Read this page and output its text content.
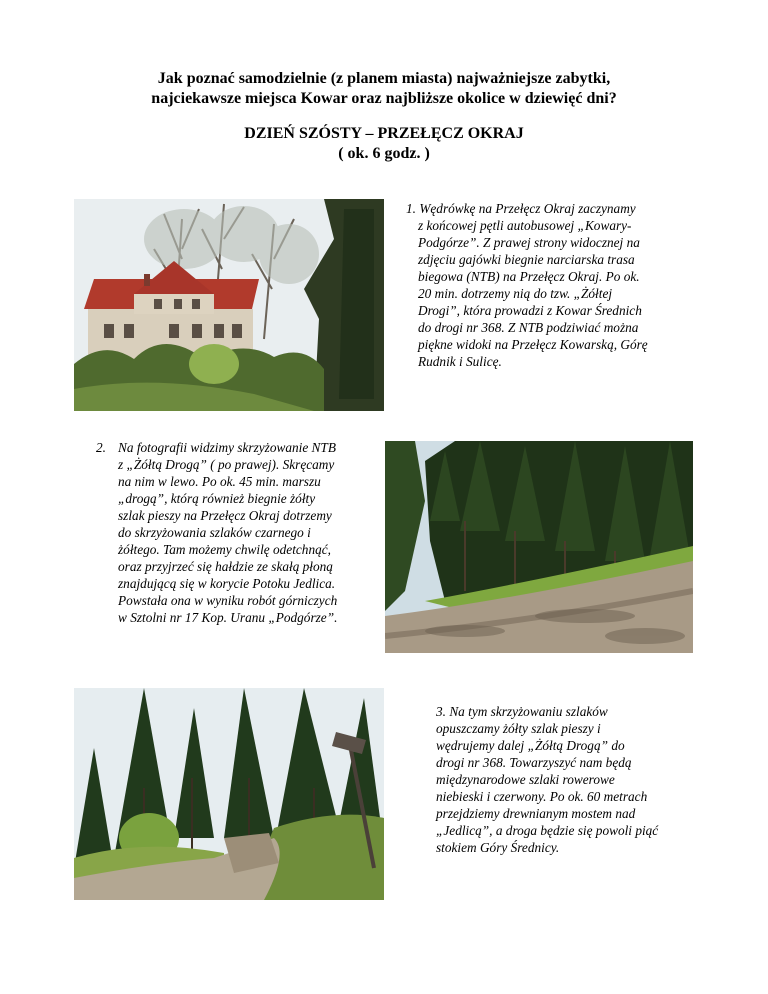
Jak poznać samodzielnie (z planem miasta) najważniejsze zabytki,
najciekawsze miejsca Kowar oraz najbliższe okolice w dziewięć dni?
DZIEŃ SZÓSTY – PRZEŁĘCZ OKRAJ
( ok. 6 godz. )
1. Wędrówkę na Przełęcz Okraj zaczynamy
z końcowej pętli autobusowej „Kowary-
Podgórze”. Z prawej strony widocznej na
zdjęciu gajówki biegnie narciarska trasa
biegowa (NTB) na Przełęcz Okraj. Po ok.
20 min. dotrzemy nią do tzw. „Żółtej
Drogi”, która prowadzi z Kowar Średnich
do drogi nr 368. Z NTB podziwiać można
piękne widoki na Przełęcz Kowarską, Górę
Rudnik i Sulicę.
2. Na fotografii widzimy skrzyżowanie NTB
z „Żółtą Drogą” ( po prawej). Skręcamy
na nim w lewo. Po ok. 45 min. marszu
„drogą”, którą również biegnie żółty
szlak pieszy na Przełęcz Okraj dotrzemy
do skrzyżowania szlaków czarnego i
żółtego. Tam możemy chwilę odetchnąć,
oraz przyjrzeć się hałdzie ze skałą płoną
znajdującą się w korycie Potoku Jedlica.
Powstała ona w wyniku robót górniczych
w Sztolni nr 17 Kop. Uranu „Podgórze”.
3. Na tym skrzyżowaniu szlaków
opuszczamy żółty szlak pieszy i
wędrujemy dalej „Żółtą Drogą” do
drogi nr 368. Towarzyszyć nam będą
międzynarodowe szlaki rowerowe
niebieski i czerwony. Po ok. 60 metrach
przejdziemy drewnianym mostem nad
„Jedlicą”, a droga będzie się powoli piąć
stokiem Góry Średnicy.
